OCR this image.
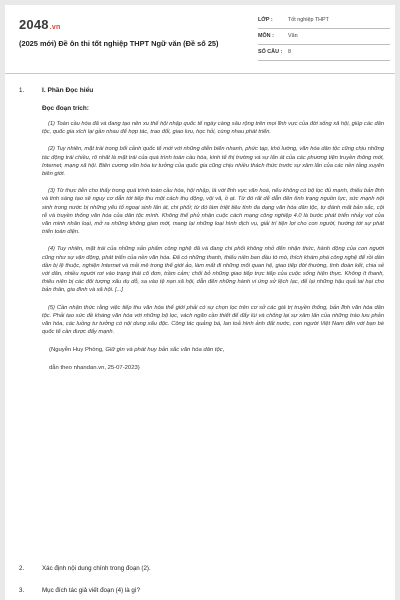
2048.vn
(2025 mới) Đề ôn thi tốt nghiệp THPT Ngữ văn (Đề số 25)
LỚP :	Tốt nghiệp THPT
MÔN :	Văn
SỐ CÂU : 8
1.	I. Phần Đọc hiểu
Đọc đoạn trích:

(1) Toàn cầu hóa đã và đang tạo nên xu thế hội nhập quốc tế ngày càng sâu rộng trên mọi lĩnh vực của đời sống xã hội, giúp các dân tộc, quốc gia xích lại gần nhau để hợp tác, trao đổi, giao lưu, học hỏi, cùng nhau phát triển.

(2) Tuy nhiên, mặt trái trong bối cảnh quốc tế mới với những diễn biến nhanh, phức tạp, khó lường, văn hóa dân tộc cũng chịu những tác động trái chiều, rõ nhất là mặt trái của quá trình toàn cầu hóa, kinh tế thị trường và sự lấn át của các phương tiện truyền thông mới, Internet, mạng xã hội. Biên cương văn hóa tư tưởng của quốc gia cũng chịu nhiều thách thức trước sự xâm lấn của các nền tảng xuyên biên giới.

(3) Từ thực tiễn cho thấy trong quá trình toàn cầu hóa, hội nhập, là với lĩnh vực văn hoá, nếu không có bộ lọc đủ mạnh, thiếu bản lĩnh và tinh sáng tạo sẽ nguy cơ dẫn tới tiếp thu một cách thụ động, vội vã, ồ ạt. Từ đó rất dễ dẫn đến tình trạng nguồn lực, sức mạnh nội sinh trong nước bị những yếu tố ngoại sinh lấn át, chi phối; từ đó làm triệt tiêu tính đa dạng văn hóa dân tộc, tự đánh mất bản sắc, cội rễ và truyền thống văn hóa của dân tộc mình. Không thể phủ nhận cuộc cách mạng công nghiệp 4.0 là bước phát triển nhảy vọt của văn minh nhân loại, mở ra những không gian mới, mang lại những loại hình dịch vụ, giải trí tiện lợi cho con người, hướng tới sự phát triển toàn diện.

(4) Tuy nhiên, mặt trái của những sản phẩm công nghệ đã và đang chi phối không nhỏ đến nhận thức, hành động của con người cũng như sự vận động, phát triển của nền văn hóa. Đã có những thanh, thiếu niên ban đầu tò mò, thích khám phá công nghệ để rồi dần dần bị lệ thuộc, nghiện Internet và mải mê trong thế giới ảo, làm mất đi những mối quan hệ, giao tiếp đời thường, tình đoàn kết, chia sẻ với dân, nhiều người rơi vào trạng thái cô đơn, trầm cảm; chối bỏ những giao tiếp trực tiếp của cuộc sống hiện thực. Không ít thanh, thiếu niên bị các đối tượng xấu dụ dỗ, sa vào tệ nạn xã hội, dẫn đến những hành vi ứng xử lệch lạc, để lại những hậu quả tai hại cho bản thân, gia đình và xã hội. [...]

(5) Cần nhận thức rằng việc tiếp thu văn hóa thế giới phải có sự chọn lọc trên cơ sở các giá trị truyền thống, bản lĩnh văn hóa dân tộc. Phải tạo sức đề kháng văn hóa với những bộ lọc, vách ngăn cần thiết để đẩy lùi và chống lại sự xâm lấn của những trào lưu phản văn hóa, các luồng tư tưởng có nội dung xấu độc. Công tác quảng bá, lan toả hình ảnh đất nước, con người Việt Nam đến với bạn bè quốc tế cần được đẩy mạnh.

(Nguyễn Huy Phòng, Giữ gìn và phát huy bản sắc văn hóa dân tộc,
dẫn theo nhandan.vn, 25-07-2023)
2.	Xác định nội dung chính trong đoạn (2).
3.	Mục đích tác giả viết đoạn (4) là gì?
